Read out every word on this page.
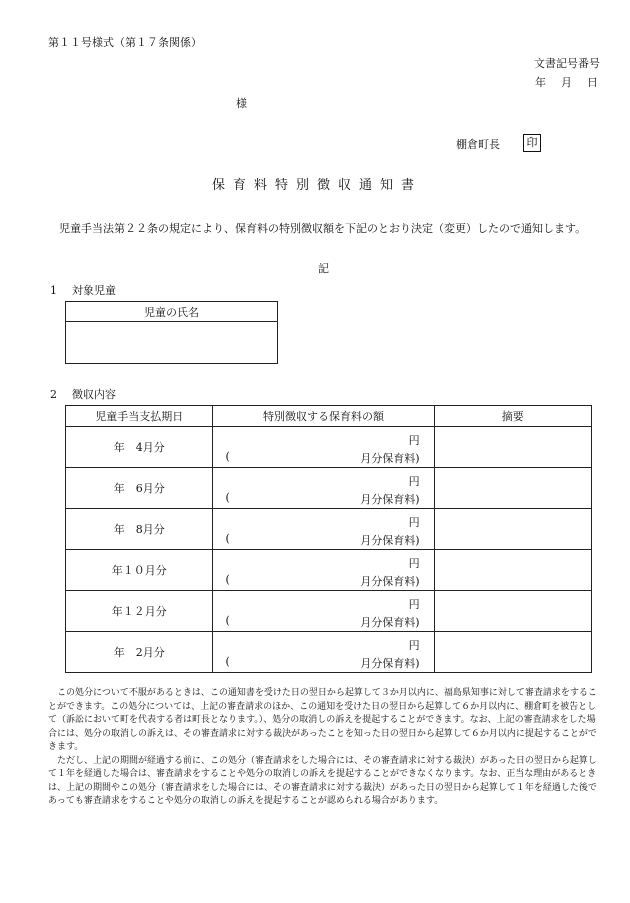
第１１号様式（第１７条関係）
文書記号番号
年　月　日
様
棚倉町長	印
保育料特別徴収通知書
児童手当法第２２条の規定により、保育料の特別徴収額を下記のとおり決定（変更）したので通知します。
記
1 対象児童
児童の氏名

2 徴収内容
児童手当支払期日	特別徴収する保育料の額	摘要
年　4月分	円
( 月分保育料)	

年　6月分	円
( 月分保育料)	

年　8月分	円
( 月分保育料)	

年１０月分	円
( 月分保育料)	

年１２月分	円
( 月分保育料)	

年　2月分	円
( 月分保育料)	

この処分について不服があるときは、この通知書を受けた日の翌日から起算して３か月以内に、福島県知事に対して審査請求をすることができます。この処分については、上記の審査請求のほか、この通知を受けた日の翌日から起算して６か月以内に、棚倉町を被告として（訴訟において町を代表する者は町長となります。）、処分の取消しの訴えを提起することができます。なお、上記の審査請求をした場合には、処分の取消しの訴えは、その審査請求に対する裁決があったことを知った日の翌日から起算して６か月以内に提起することができます。

ただし、上記の期間が経過する前に、この処分（審査請求をした場合には、その審査請求に対する裁決）があった日の翌日から起算して１年を経過した場合は、審査請求をすることや処分の取消しの訴えを提起することができなくなります。なお、正当な理由があるときは、上記の期間やこの処分（審査請求をした場合には、その審査請求に対する裁決）があった日の翌日から起算して１年を経過した後であっても審査請求をすることや処分の取消しの訴えを提起することが認められる場合があります。
